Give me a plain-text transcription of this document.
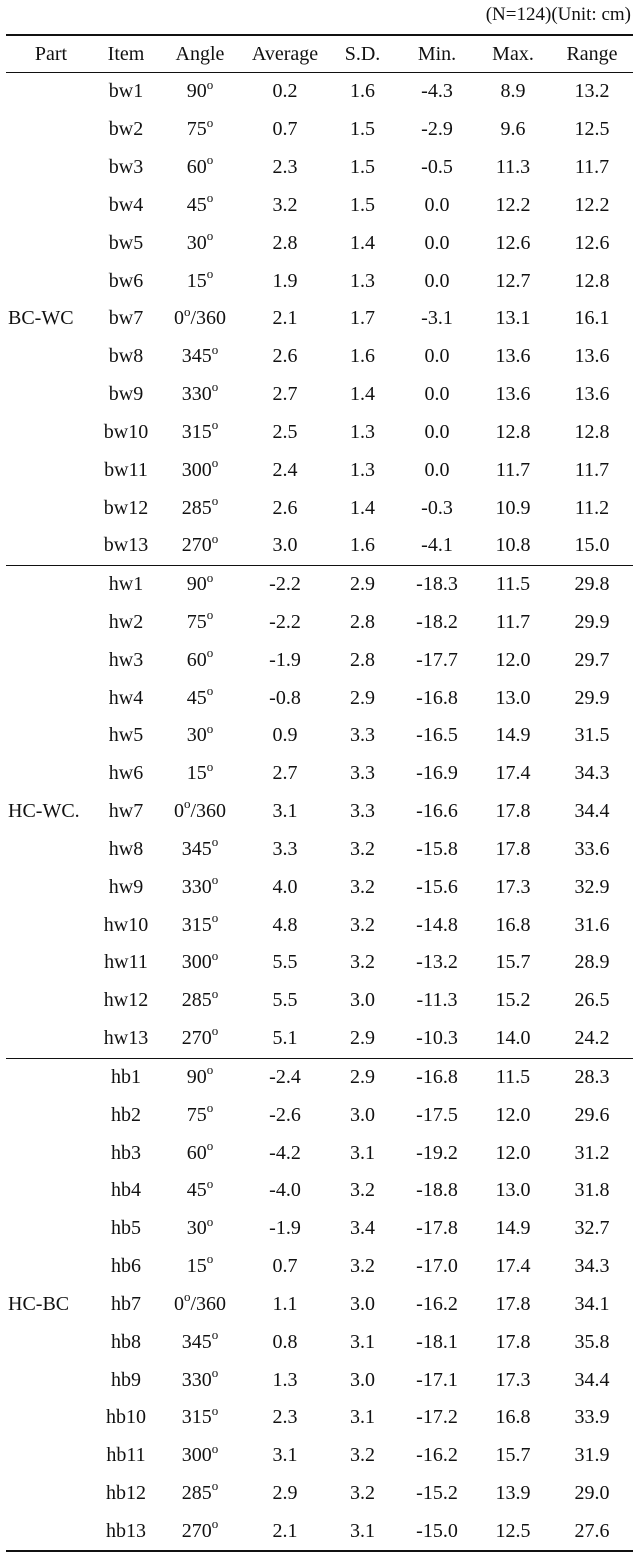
(N=124)(Unit: cm)
Part	Item	Angle	Average	S.D.	Min.	Max.	Range
	bw1	90$^o$	0.2	1.6	-4.3	8.9	13.2
	bw2	75$^o$	0.7	1.5	-2.9	9.6	12.5
	bw3	60$^o$	2.3	1.5	-0.5	11.3	11.7
	bw4	45$^o$	3.2	1.5	0.0	12.2	12.2
	bw5	30$^o$	2.8	1.4	0.0	12.6	12.6
	bw6	15$^o$	1.9	1.3	0.0	12.7	12.8
BC-WC	bw7	0$^o$/360	2.1	1.7	-3.1	13.1	16.1
	bw8	345$^o$	2.6	1.6	0.0	13.6	13.6
	bw9	330$^o$	2.7	1.4	0.0	13.6	13.6
	bw10	315$^o$	2.5	1.3	0.0	12.8	12.8
	bw11	300$^o$	2.4	1.3	0.0	11.7	11.7
	bw12	285$^o$	2.6	1.4	-0.3	10.9	11.2
	bw13	270$^o$	3.0	1.6	-4.1	10.8	15.0
	hw1	90$^o$	-2.2	2.9	-18.3	11.5	29.8
	hw2	75$^o$	-2.2	2.8	-18.2	11.7	29.9
	hw3	60$^o$	-1.9	2.8	-17.7	12.0	29.7
	hw4	45$^o$	-0.8	2.9	-16.8	13.0	29.9
	hw5	30$^o$	0.9	3.3	-16.5	14.9	31.5
	hw6	15$^o$	2.7	3.3	-16.9	17.4	34.3
HC-WC.	hw7	0$^o$/360	3.1	3.3	-16.6	17.8	34.4
	hw8	345$^o$	3.3	3.2	-15.8	17.8	33.6
	hw9	330$^o$	4.0	3.2	-15.6	17.3	32.9
	hw10	315$^o$	4.8	3.2	-14.8	16.8	31.6
	hw11	300$^o$	5.5	3.2	-13.2	15.7	28.9
	hw12	285$^o$	5.5	3.0	-11.3	15.2	26.5
	hw13	270$^o$	5.1	2.9	-10.3	14.0	24.2
	hb1	90$^o$	-2.4	2.9	-16.8	11.5	28.3
	hb2	75$^o$	-2.6	3.0	-17.5	12.0	29.6
	hb3	60$^o$	-4.2	3.1	-19.2	12.0	31.2
	hb4	45$^o$	-4.0	3.2	-18.8	13.0	31.8
	hb5	30$^o$	-1.9	3.4	-17.8	14.9	32.7
	hb6	15$^o$	0.7	3.2	-17.0	17.4	34.3
HC-BC	hb7	0$^o$/360	1.1	3.0	-16.2	17.8	34.1
	hb8	345$^o$	0.8	3.1	-18.1	17.8	35.8
	hb9	330$^o$	1.3	3.0	-17.1	17.3	34.4
	hb10	315$^o$	2.3	3.1	-17.2	16.8	33.9
	hb11	300$^o$	3.1	3.2	-16.2	15.7	31.9
	hb12	285$^o$	2.9	3.2	-15.2	13.9	29.0
	hb13	270$^o$	2.1	3.1	-15.0	12.5	27.6
